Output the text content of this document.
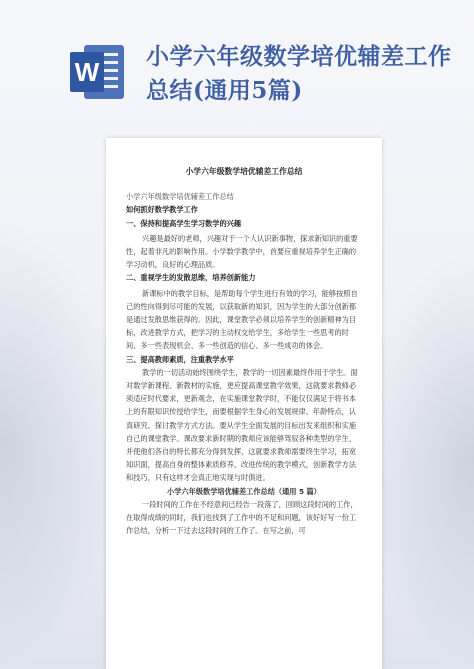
W
小学六年级数学培优辅差工作总结(通用5篇)
小学六年级数学培优辅差工作总结
小学六年级数学培优辅差工作总结
如何抓好数学教学工作
一、保持和提高学生学习数学的兴趣

兴趣是最好的老师，兴趣对于一个人认识新事物，探求新知识的重要性，起着非凡的影响作用。小学数学教学中，首要应重视培养学生正确的学习动机，良好的心理品质。

二、重视学生的发散思维，培养创新能力

新课标中的教学目标，是帮助每个学生进行有效的学习，能够按照自己的性向得到尽可能的发展，以获取新的知识，因为学生的大部分创新都是通过发散思维获得的。因此，课堂教学必须以培养学生的创新精神为目标，改进教学方式，把学习的主动权交给学生，多给学生一些思考的时间、多一些表现机会、多一些创造的信心、多一些成功的体会。

三、提高教师素质，注重教学水平

教学的一切活动始终围绕学生，教学的一切因素最终作用于学生。面对数学新课程、新教材的实施，更应提高课堂教学效果，这就要求教师必须适应时代要求，更新观念，在实施课堂教学时，不能仅仅满足于将书本上的有限知识传授给学生，而要根据学生身心的发展规律、年龄特点，认真研究、探讨教学方式方法。要从学生全面发展的目标出发来组织和实施自己的课堂教学。课改要求新时期的教师应该能够驾驭各种类型的学生，并使他们各自的特长都充分得到发挥，这就要求教师需要终生学习，拓宽知识面，提高自身的整体素质修养，改进传统的教学模式，创新教学方法和技巧，只有这样才会真正地实现与时俱进。

小学六年级数学培优辅差工作总结（通用 5 篇）

一段时间的工作在不经意间已经告一段落了，回顾这段时间的工作，在取得成绩的同时，我们也找到了工作中的不足和问题，该好好写一份工作总结，分析一下过去这段时间的工作了。在写之前，可
